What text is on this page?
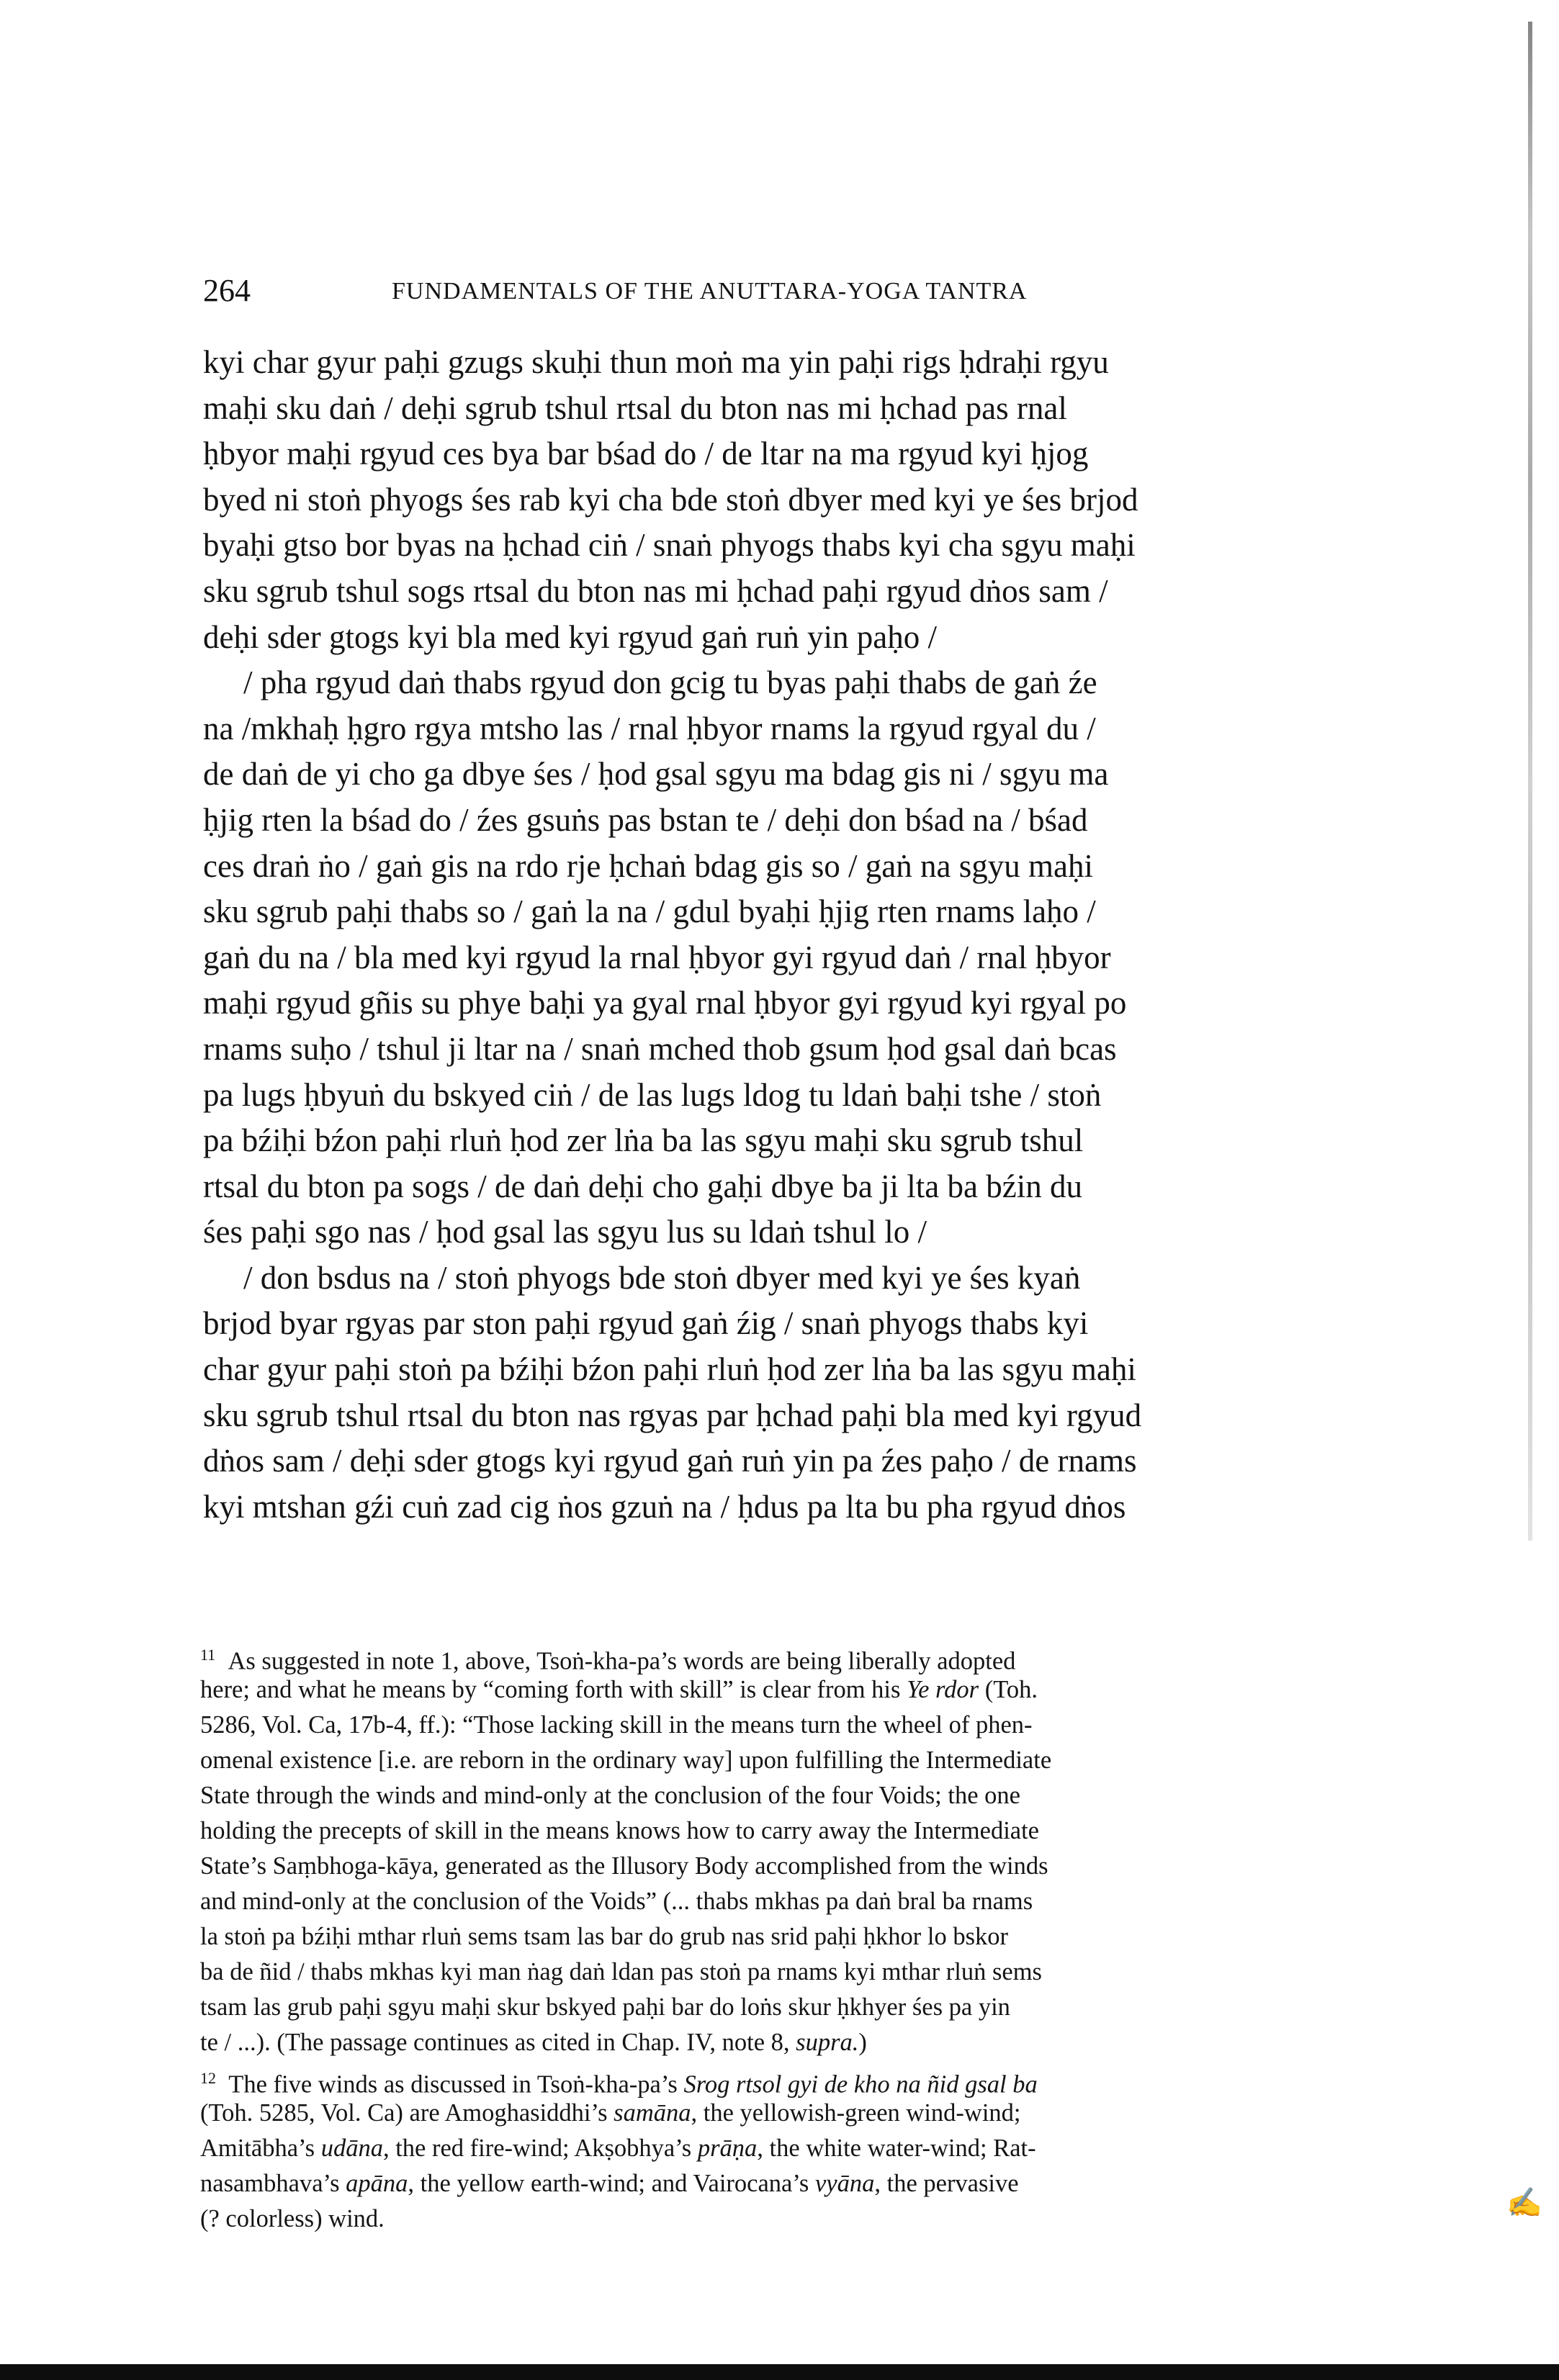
264	FUNDAMENTALS OF THE ANUTTARA-YOGA TANTRA
kyi char gyur paḥi gzugs skuḥi thun moṅ ma yin paḥi rigs ḥdraḥi rgyu
maḥi sku daṅ / deḥi sgrub tshul rtsal du bton nas mi ḥchad pas rnal
ḥbyor maḥi rgyud ces bya bar bśad do / de ltar na ma rgyud kyi ḥjog
byed ni stoṅ phyogs śes rab kyi cha bde stoṅ dbyer med kyi ye śes brjod
byaḥi gtso bor byas na ḥchad ciṅ / snaṅ phyogs thabs kyi cha sgyu maḥi
sku sgrub tshul sogs rtsal du bton nas mi ḥchad paḥi rgyud dṅos sam /
deḥi sder gtogs kyi bla med kyi rgyud gaṅ ruṅ yin paḥo /
/ pha rgyud daṅ thabs rgyud don gcig tu byas paḥi thabs de gaṅ źe
na /mkhaḥ ḥgro rgya mtsho las / rnal ḥbyor rnams la rgyud rgyal du /
de daṅ de yi cho ga dbye śes / ḥod gsal sgyu ma bdag gis ni / sgyu ma
ḥjig rten la bśad do / źes gsuṅs pas bstan te / deḥi don bśad na / bśad
ces draṅ ṅo / gaṅ gis na rdo rje ḥchaṅ bdag gis so / gaṅ na sgyu maḥi
sku sgrub paḥi thabs so / gaṅ la na / gdul byaḥi ḥjig rten rnams laḥo /
gaṅ du na / bla med kyi rgyud la rnal ḥbyor gyi rgyud daṅ / rnal ḥbyor
maḥi rgyud gñis su phye baḥi ya gyal rnal ḥbyor gyi rgyud kyi rgyal po
rnams suḥo / tshul ji ltar na / snaṅ mched thob gsum ḥod gsal daṅ bcas
pa lugs ḥbyuṅ du bskyed ciṅ / de las lugs ldog tu ldaṅ baḥi tshe / stoṅ
pa bźiḥi bźon paḥi rluṅ ḥod zer lṅa ba las sgyu maḥi sku sgrub tshul
rtsal du bton pa sogs / de daṅ deḥi cho gaḥi dbye ba ji lta ba bźin du
śes paḥi sgo nas / ḥod gsal las sgyu lus su ldaṅ tshul lo /
/ don bsdus na / stoṅ phyogs bde stoṅ dbyer med kyi ye śes kyaṅ
brjod byar rgyas par ston paḥi rgyud gaṅ źig / snaṅ phyogs thabs kyi
char gyur paḥi stoṅ pa bźiḥi bźon paḥi rluṅ ḥod zer lṅa ba las sgyu maḥi
sku sgrub tshul rtsal du bton nas rgyas par ḥchad paḥi bla med kyi rgyud
dṅos sam / deḥi sder gtogs kyi rgyud gaṅ ruṅ yin pa źes paḥo / de rnams
kyi mtshan gźi cuṅ zad cig ṅos gzuṅ na / ḥdus pa lta bu pha rgyud dṅos
$^{11}$ As suggested in note 1, above, Tsoṅ-kha-pa’s words are being liberally adopted
here; and what he means by “coming forth with skill” is clear from his Ye rdor (Toh.
5286, Vol. Ca, 17b-4, ff.): “Those lacking skill in the means turn the wheel of phen-
omenal existence [i.e. are reborn in the ordinary way] upon fulfilling the Intermediate
State through the winds and mind-only at the conclusion of the four Voids; the one
holding the precepts of skill in the means knows how to carry away the Intermediate
State’s Saṃbhoga-kāya, generated as the Illusory Body accomplished from the winds
and mind-only at the conclusion of the Voids” (... thabs mkhas pa daṅ bral ba rnams
la stoṅ pa bźiḥi mthar rluṅ sems tsam las bar do grub nas srid paḥi ḥkhor lo bskor
ba de ñid / thabs mkhas kyi man ṅag daṅ ldan pas stoṅ pa rnams kyi mthar rluṅ sems
tsam las grub paḥi sgyu maḥi skur bskyed paḥi bar do loṅs skur ḥkhyer śes pa yin
te / ...). (The passage continues as cited in Chap. IV, note 8, supra.)
$^{12}$ The five winds as discussed in Tsoṅ-kha-pa’s Srog rtsol gyi de kho na ñid gsal ba
(Toh. 5285, Vol. Ca) are Amoghasiddhi’s samāna, the yellowish-green wind-wind;
Amitābha’s udāna, the red fire-wind; Akṣobhya’s prāṇa, the white water-wind; Rat-
nasambhava’s apāna, the yellow earth-wind; and Vairocana’s vyāna, the pervasive
(? colorless) wind.	✍
